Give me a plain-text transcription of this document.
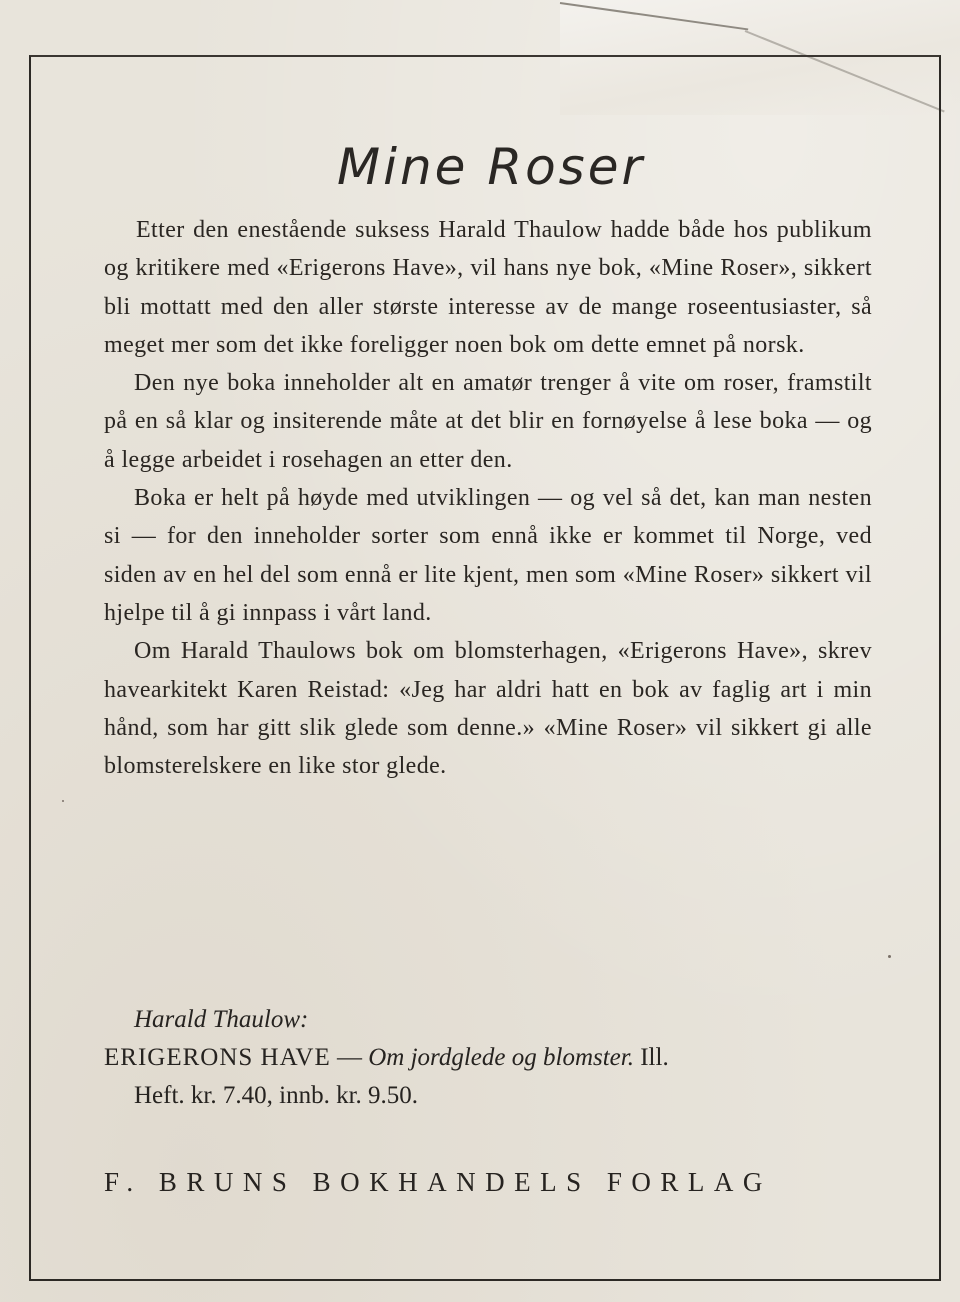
Mine Roser

Etter den enestående suksess Harald Thaulow hadde både hos publikum og kritikere med «Erigerons Have», vil hans nye bok, «Mine Roser», sikkert bli mottatt med den aller største interesse av de mange roseentusiaster, så meget mer som det ikke foreligger noen bok om dette emnet på norsk.

Den nye boka inneholder alt en amatør trenger å vite om roser, framstilt på en så klar og insiterende måte at det blir en fornøyelse å lese boka — og å legge arbeidet i rosehagen an etter den.

Boka er helt på høyde med utviklingen — og vel så det, kan man nesten si — for den inneholder sorter som ennå ikke er kommet til Norge, ved siden av en hel del som ennå er lite kjent, men som «Mine Roser» sikkert vil hjelpe til å gi innpass i vårt land.

Om Harald Thaulows bok om blomsterhagen, «Erigerons Have», skrev havearkitekt Karen Reistad: «Jeg har aldri hatt en bok av faglig art i min hånd, som har gitt slik glede som denne.» «Mine Roser» vil sikkert gi alle blomsterelskere en like stor glede.

Harald Thaulow:
ERIGERONS HAVE — Om jordglede og blomster. Ill.
Heft. kr. 7.40, innb. kr. 9.50.
F. BRUNS BOKHANDELS FORLAG
